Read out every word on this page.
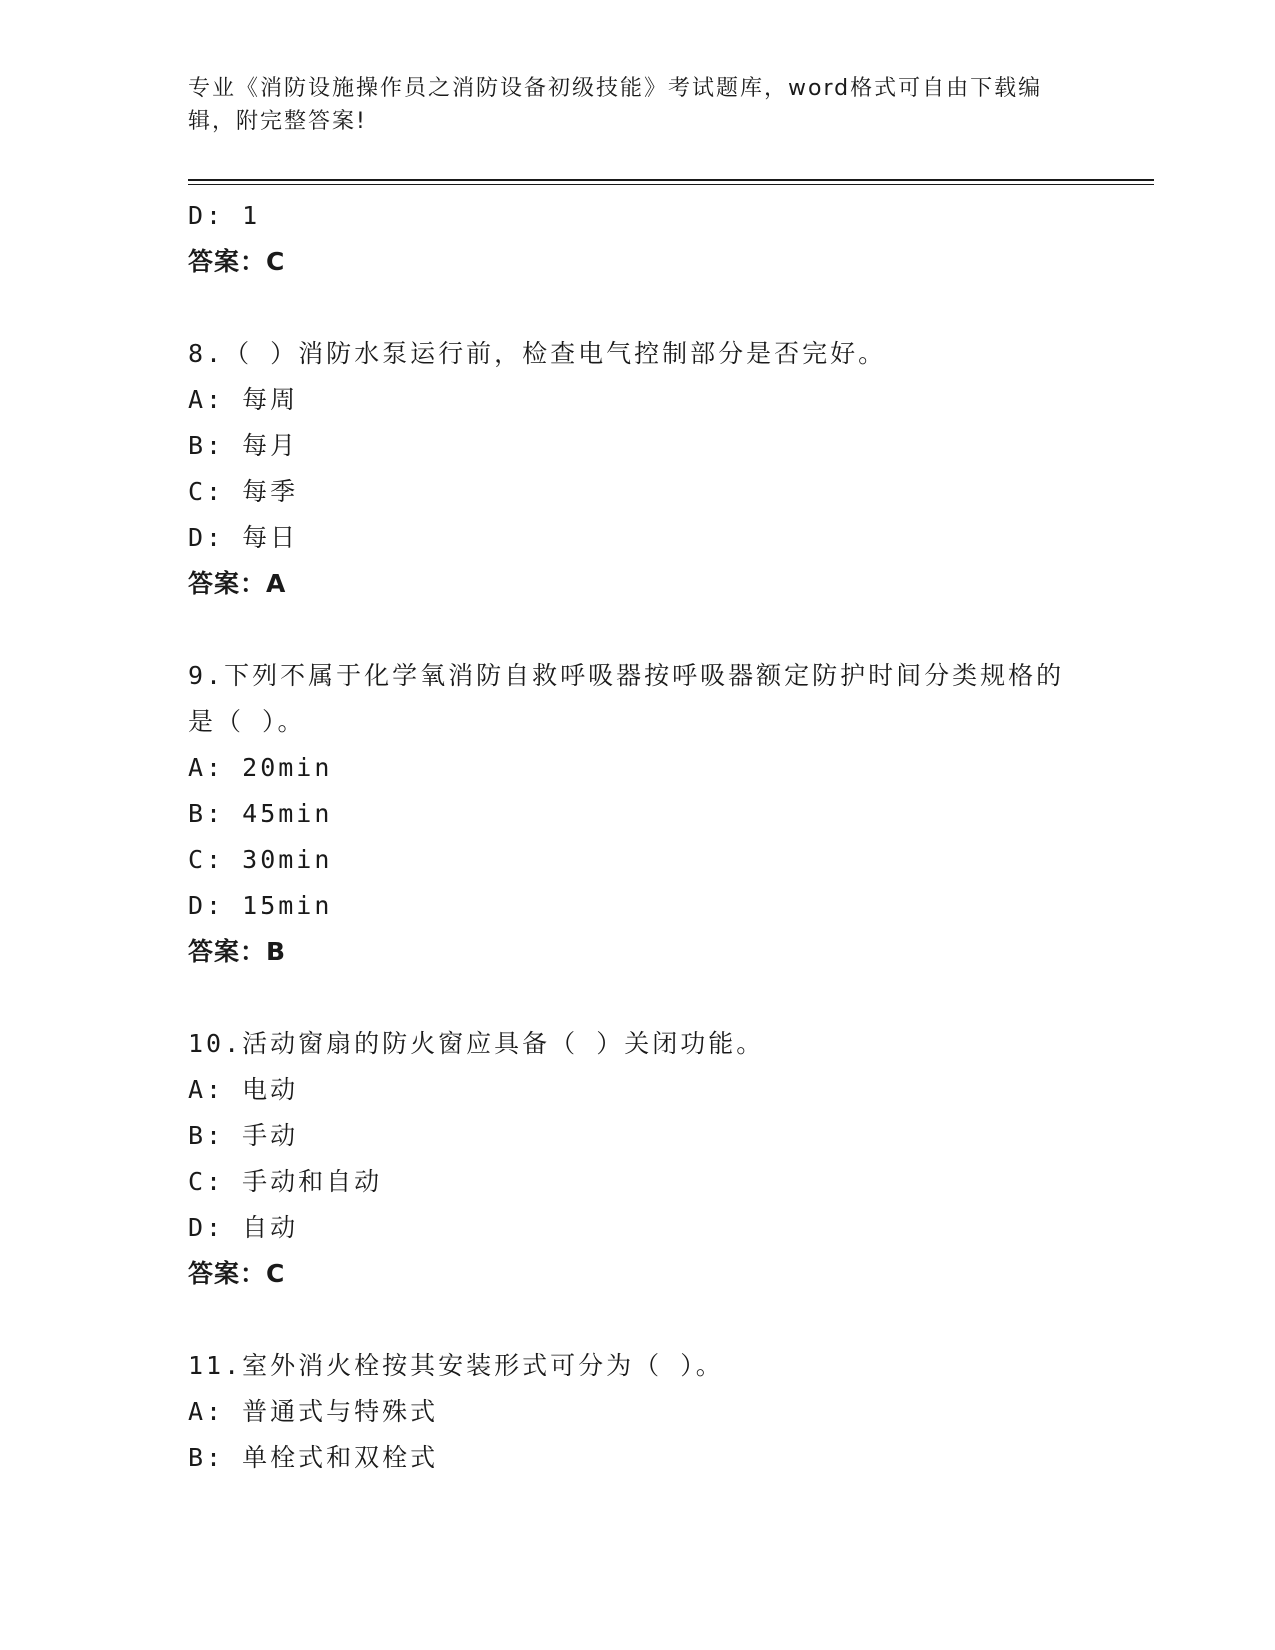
专业《消防设施操作员之消防设备初级技能》考试题库，word格式可自由下载编辑，附完整答案!
D: 1
答案：C
8.（ ）消防水泵运行前，检查电气控制部分是否完好。
A: 每周
B: 每月
C: 每季
D: 每日
答案：A
9.下列不属于化学氧消防自救呼吸器按呼吸器额定防护时间分类规格的是（ ）。
A: 20min
B: 45min
C: 30min
D: 15min
答案：B
10.活动窗扇的防火窗应具备（ ）关闭功能。
A: 电动
B: 手动
C: 手动和自动
D: 自动
答案：C
11.室外消火栓按其安装形式可分为（ ）。
A: 普通式与特殊式
B: 单栓式和双栓式
